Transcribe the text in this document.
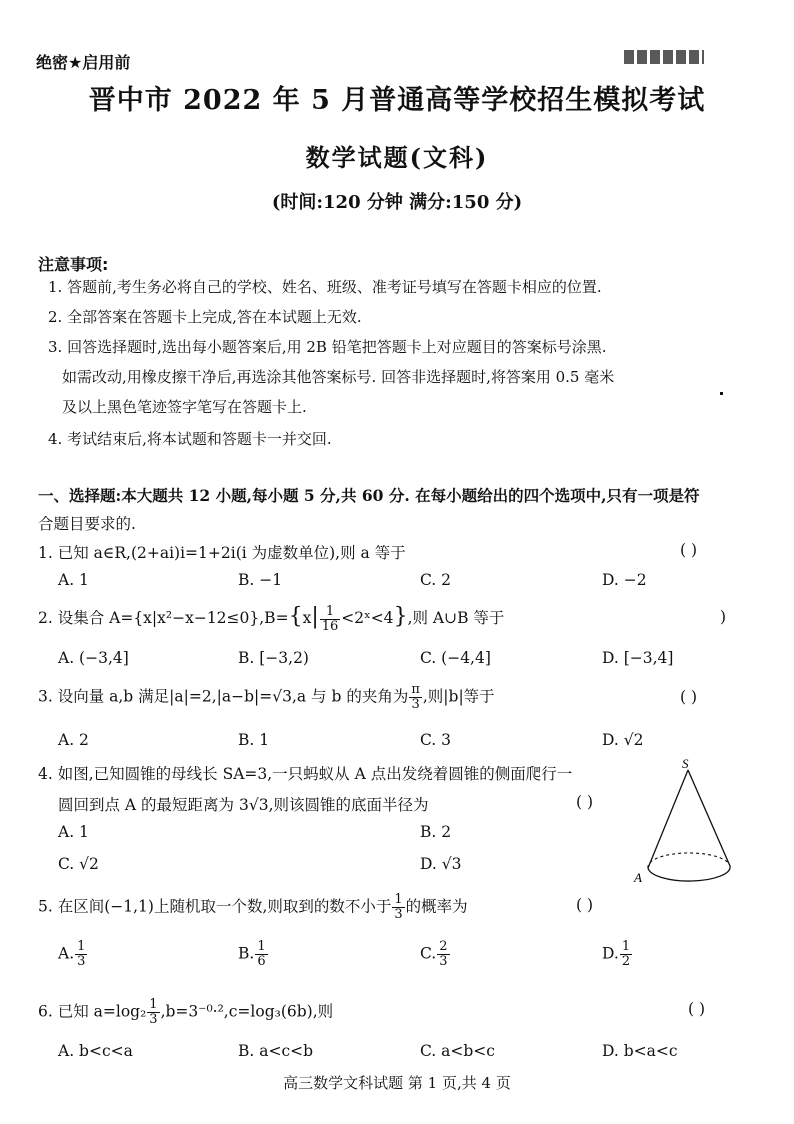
绝密★启用前
晋中市 2022 年 5 月普通高等学校招生模拟考试
数学试题(文科)
(时间:120 分钟 满分:150 分)
注意事项:
1. 答题前,考生务必将自己的学校、姓名、班级、准考证号填写在答题卡相应的位置.
2. 全部答案在答题卡上完成,答在本试题上无效.
3. 回答选择题时,选出每小题答案后,用 2B 铅笔把答题卡上对应题目的答案标号涂黑.
如需改动,用橡皮擦干净后,再选涂其他答案标号. 回答非选择题时,将答案用 0.5 毫米
及以上黑色笔迹签字笔写在答题卡上.
4. 考试结束后,将本试题和答题卡一并交回.
一、选择题:本大题共 12 小题,每小题 5 分,共 60 分. 在每小题给出的四个选项中,只有一项是符
合题目要求的.
1. 已知 a∈R,(2+ai)i=1+2i(i 为虚数单位),则 a 等于	( )
A. 1	B. −1	C. 2	D. −2
2. 设集合 $A=\{x|x^2-x-12\le 0\},B=\{x| \frac{1}{16}$ <2ˣ<4},则 A∪B 等于	)
A. (−3,4]	B. [−3,2)	C. (−4,4]	D. [−3,4]
3. 设向量 a,b 满足|a|=2,|a−b|=√3,a 与 b 的夹角为 $\frac{\pi}{3}$ ,则|b|等于	( )
A. 2	B. 1	C. 3	D. √2
4. 如图,已知圆锥的母线长 SA=3,一只蚂蚁从 A 点出发绕着圆锥的侧面爬行一
圆回到点 A 的最短距离为 3√3,则该圆锥的底面半径为	( )
A. 1	B. 2
C. √2	D. √3
S
A
5. 在区间(−1,1)上随机取一个数,则取到的数不小于 $\frac{1}{3}$ 的概率为	( )
A. $\frac{1}{3}$	B. $\frac{1}{6}$	C. $\frac{2}{3}$	D. $\frac{1}{2}$
6. 已知 $a=\log_2 \frac{1}{3} ,b=3^{-0}\cdot^2,c=\log_3(6b)$,则	( )
A. b<c<a	B. a<c<b	C. a<b<c	D. b<a<c
高三数学文科试题 第 1 页,共 4 页
